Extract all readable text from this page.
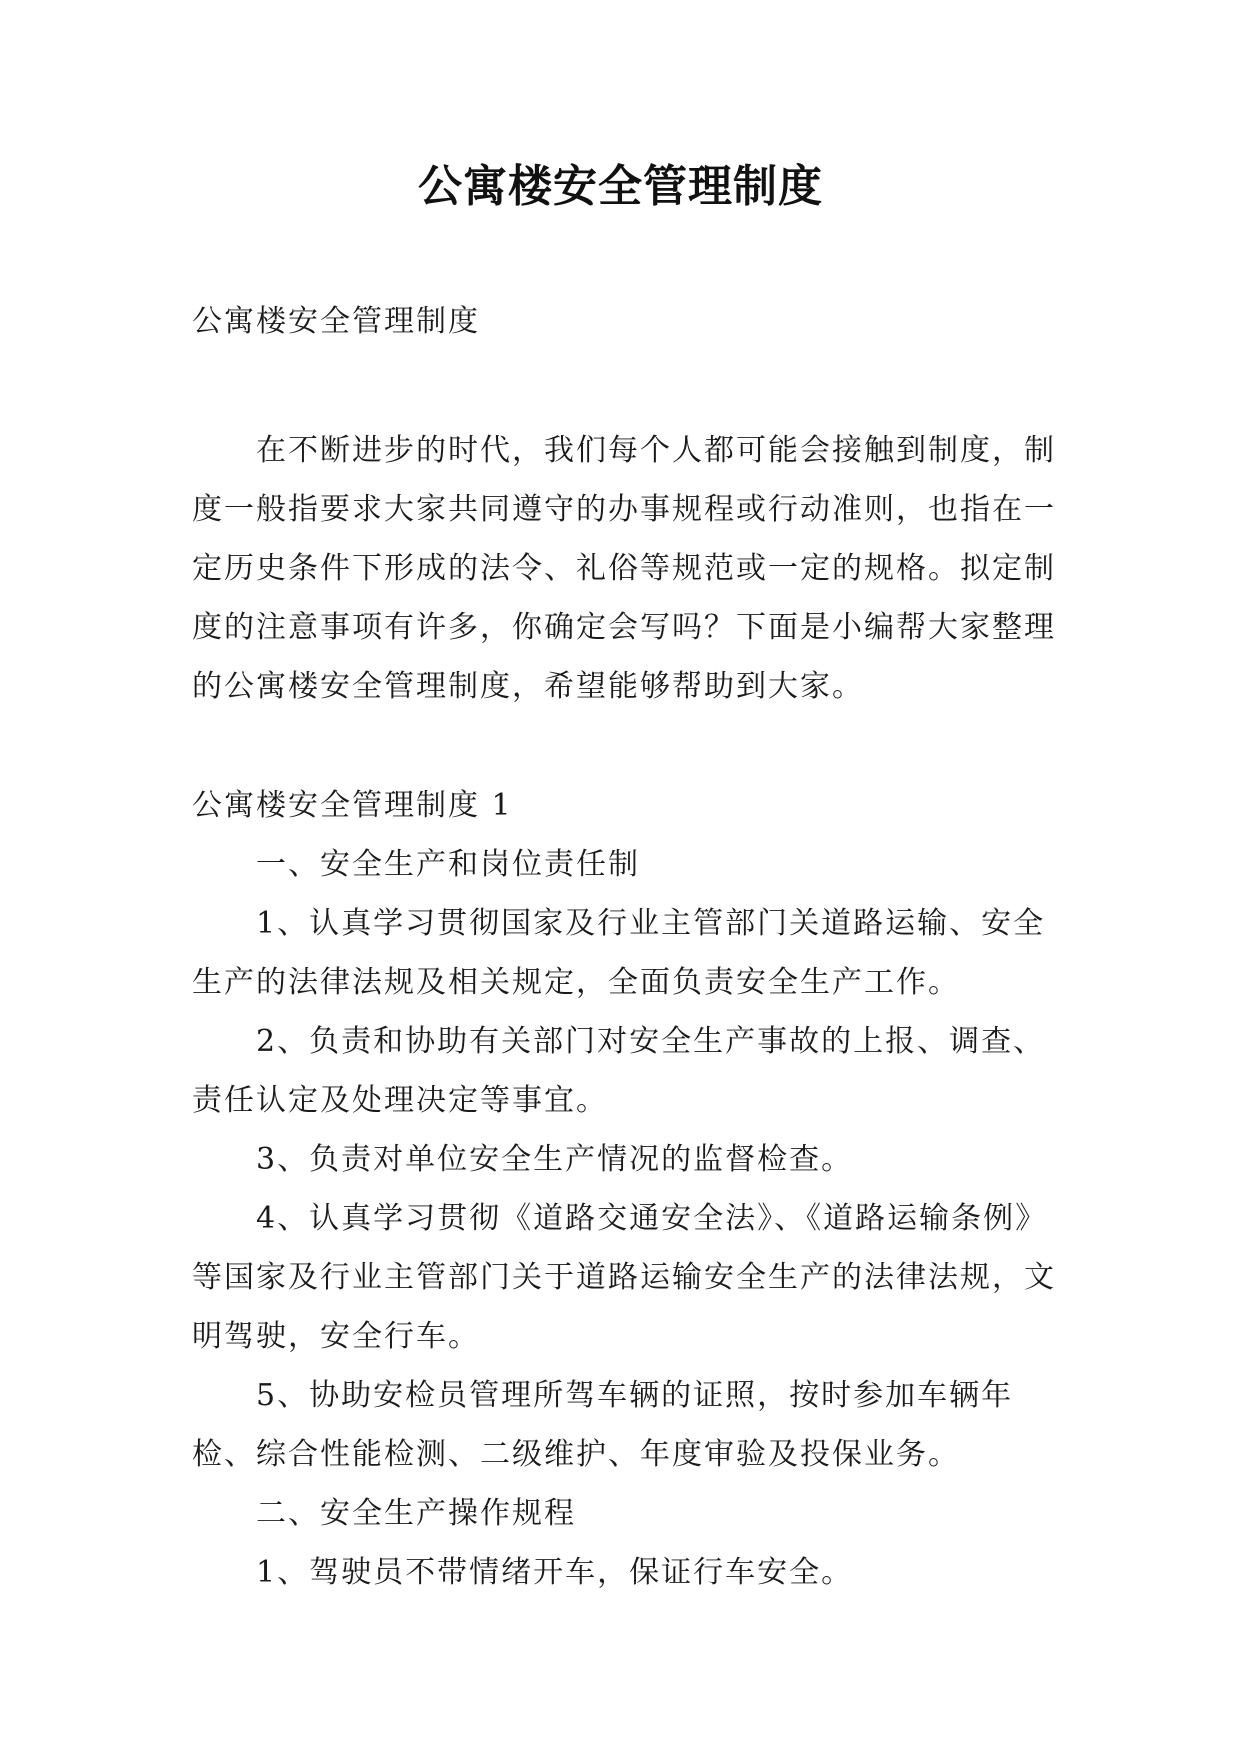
公寓楼安全管理制度

公寓楼安全管理制度

在不断进步的时代，我们每个人都可能会接触到制度，制度一般指要求大家共同遵守的办事规程或行动准则，也指在一定历史条件下形成的法令、礼俗等规范或一定的规格。拟定制度的注意事项有许多，你确定会写吗？下面是小编帮大家整理的公寓楼安全管理制度，希望能够帮助到大家。

公寓楼安全管理制度 1

一、安全生产和岗位责任制

1、认真学习贯彻国家及行业主管部门关道路运输、安全生产的法律法规及相关规定，全面负责安全生产工作。

2、负责和协助有关部门对安全生产事故的上报、调查、责任认定及处理决定等事宜。

3、负责对单位安全生产情况的监督检查。

4、认真学习贯彻《道路交通安全法》、《道路运输条例》等国家及行业主管部门关于道路运输安全生产的法律法规，文明驾驶，安全行车。

5、协助安检员管理所驾车辆的证照，按时参加车辆年检、综合性能检测、二级维护、年度审验及投保业务。

二、安全生产操作规程

1、驾驶员不带情绪开车，保证行车安全。
